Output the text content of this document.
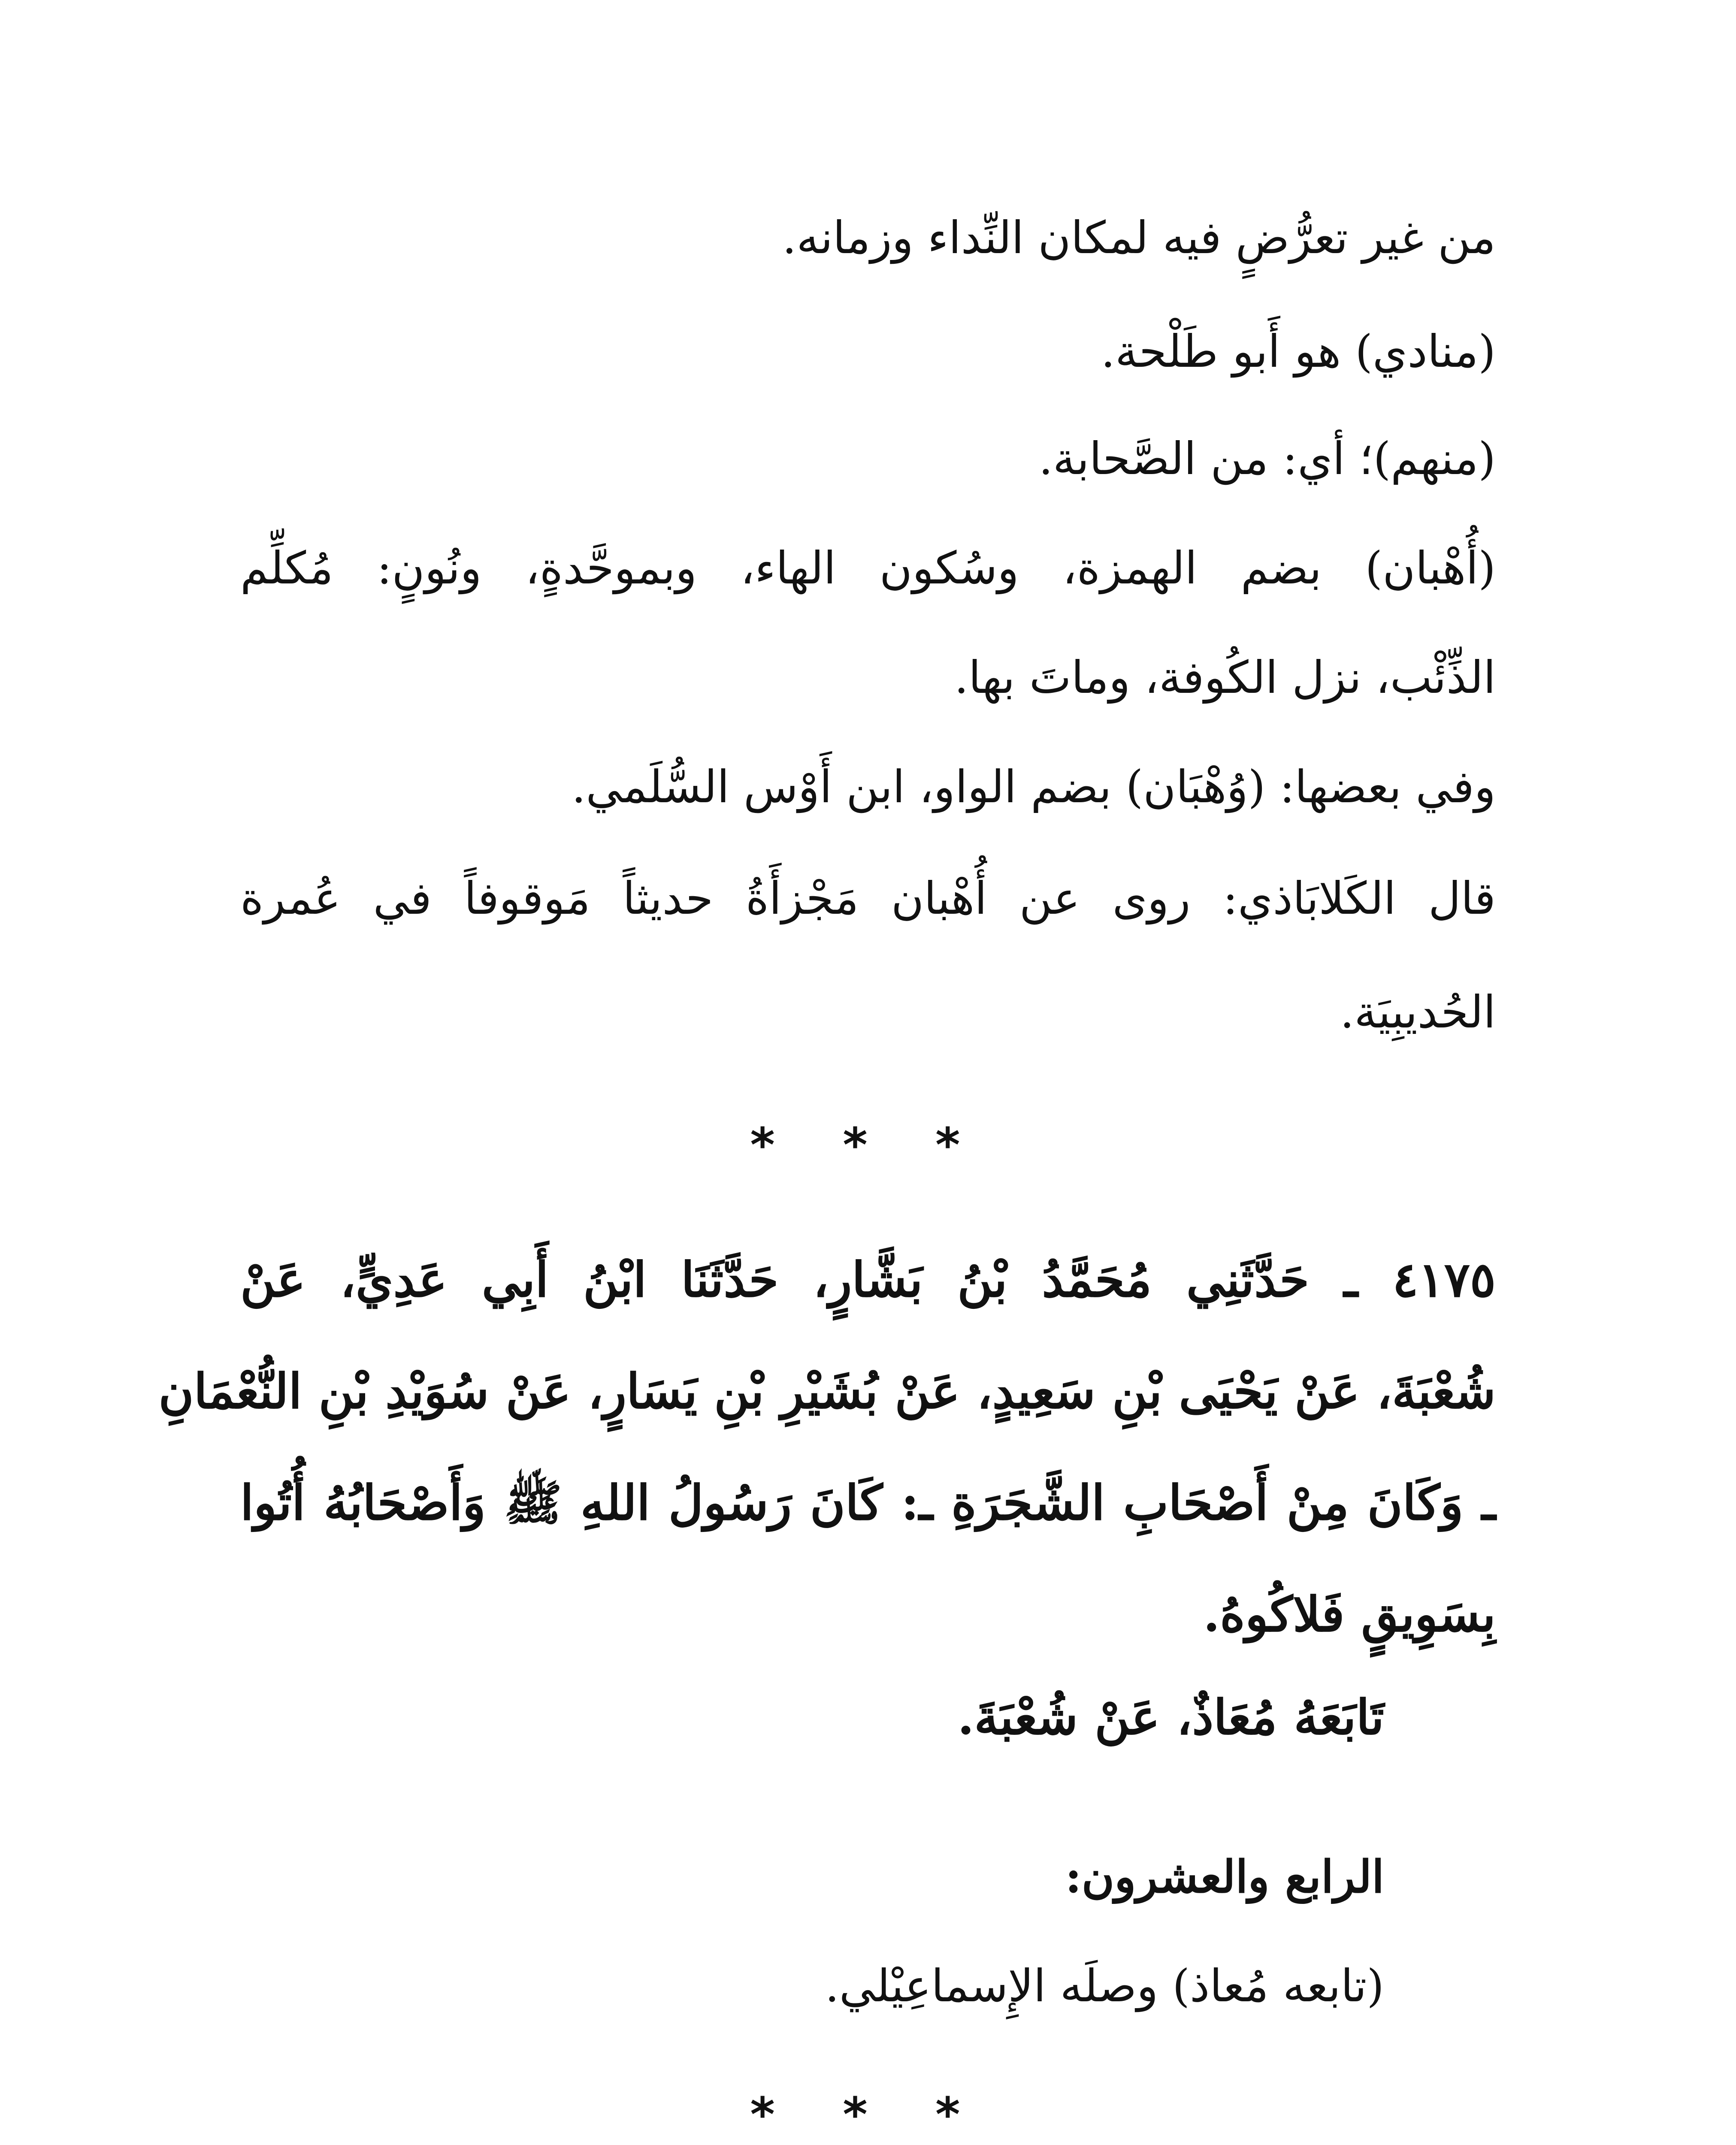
من غير تعرُّضٍ فيه لمكان النِّداء وزمانه.
(منادي) هو أَبو طَلْحة.
(منهم)؛ أي: من الصَّحابة.
(أُهْبان) بضم الهمزة، وسُكون الهاء، وبموحَّدةٍ، ونُونٍ: مُكلِّم
الذِّئْب، نزل الكُوفة، وماتَ بها.
وفي بعضها: (وُهْبَان) بضم الواو، ابن أَوْس السُّلَمي.
قال الكَلابَاذي: روى عن أُهْبان مَجْزأَةُ حديثاً مَوقوفاً في عُمرة
الحُديبِيَة.
* * *
٤١٧٥ ـ حَدَّثَنِي مُحَمَّدُ بْنُ بَشَّارٍ، حَدَّثَنَا ابْنُ أَبِي عَدِيٍّ، عَنْ
شُعْبَةَ، عَنْ يَحْيَى بْنِ سَعِيدٍ، عَنْ بُشَيْرِ بْنِ يَسَارٍ، عَنْ سُوَيْدِ بْنِ النُّعْمَانِ
ـ وَكَانَ مِنْ أَصْحَابِ الشَّجَرَةِ ـ: كَانَ رَسُولُ اللهِ ﷺ وَأَصْحَابُهُ أُتُوا
بِسَوِيقٍ فَلاكُوهُ.
تَابَعَهُ مُعَاذٌ، عَنْ شُعْبَةَ.
الرابع والعشرون:
(تابعه مُعاذ) وصلَه الإِسماعِيْلي.
* * *
